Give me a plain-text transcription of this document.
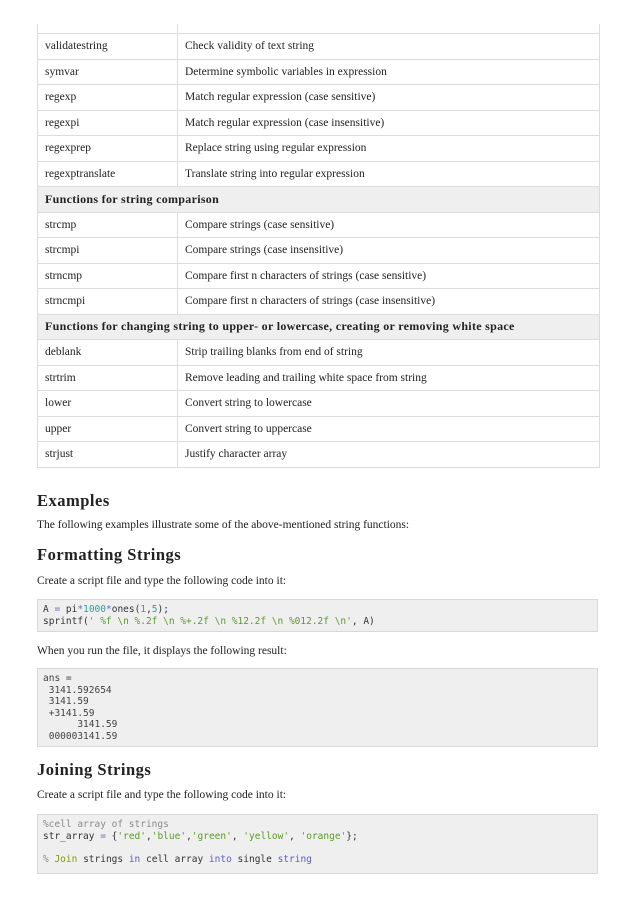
validatestring	Check validity of text string
symvar	Determine symbolic variables in expression
regexp	Match regular expression (case sensitive)
regexpi	Match regular expression (case insensitive)
regexprep	Replace string using regular expression
regexptranslate	Translate string into regular expression
Functions for string comparison	
strcmp	Compare strings (case sensitive)
strcmpi	Compare strings (case insensitive)
strncmp	Compare first n characters of strings (case sensitive)
strncmpi	Compare first n characters of strings (case insensitive)
Functions for changing string to upper- or lowercase, creating or removing white space	
deblank	Strip trailing blanks from end of string
strtrim	Remove leading and trailing white space from string
lower	Convert string to lowercase
upper	Convert string to uppercase
strjust	Justify character array
Examples

The following examples illustrate some of the above-mentioned string functions:

Formatting Strings

Create a script file and type the following code into it:

A = pi*1000*ones(1,5);
sprintf(' %f \n %.2f \n %+.2f \n %12.2f \n %012.2f \n', A)

When you run the file, it displays the following result:

ans =
3141.592654
3141.59
+3141.59
3141.59
000003141.59
Joining Strings

Create a script file and type the following code into it:

%cell array of strings
str_array = {'red','blue','green', 'yellow', 'orange'};
% Join strings in cell array into single string
